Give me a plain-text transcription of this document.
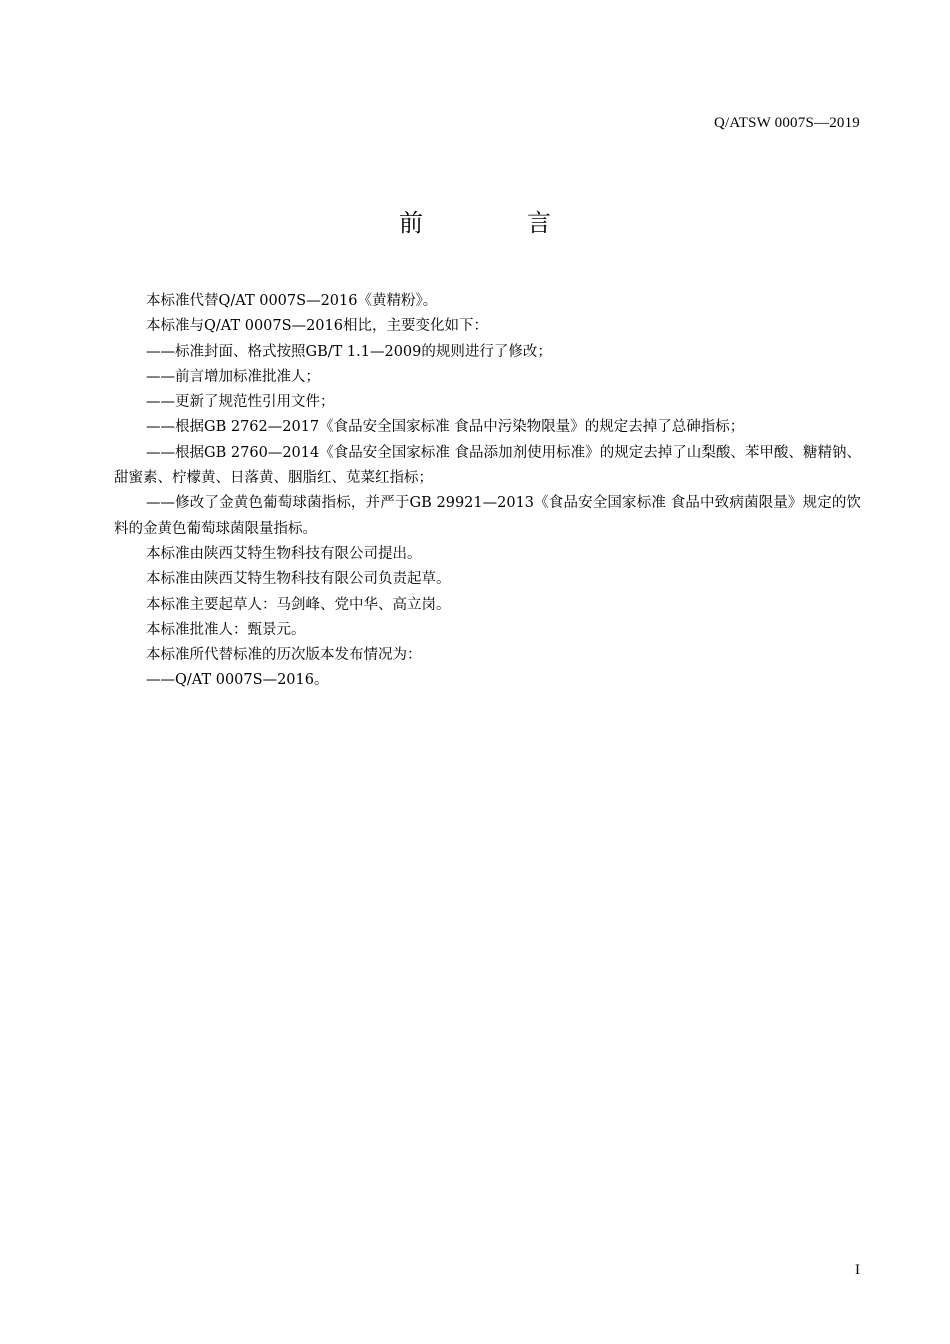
Q/ATSW 0007S—2019
前　言

本标准代替Q/AT 0007S—2016《黄精粉》。

本标准与Q/AT 0007S—2016相比，主要变化如下：

——标准封面、格式按照GB/T 1.1—2009的规则进行了修改；

——前言增加标准批准人；

——更新了规范性引用文件；

——根据GB 2762—2017《食品安全国家标准 食品中污染物限量》的规定去掉了总砷指标；

——根据GB 2760—2014《食品安全国家标准 食品添加剂使用标准》的规定去掉了山梨酸、苯甲酸、糖精钠、甜蜜素、柠檬黄、日落黄、胭脂红、苋菜红指标；

——修改了金黄色葡萄球菌指标，并严于GB 29921—2013《食品安全国家标准 食品中致病菌限量》规定的饮料的金黄色葡萄球菌限量指标。

本标准由陕西艾特生物科技有限公司提出。

本标准由陕西艾特生物科技有限公司负责起草。

本标准主要起草人：马剑峰、党中华、高立岗。

本标准批准人：甄景元。

本标准所代替标准的历次版本发布情况为：

——Q/AT 0007S—2016。

I
